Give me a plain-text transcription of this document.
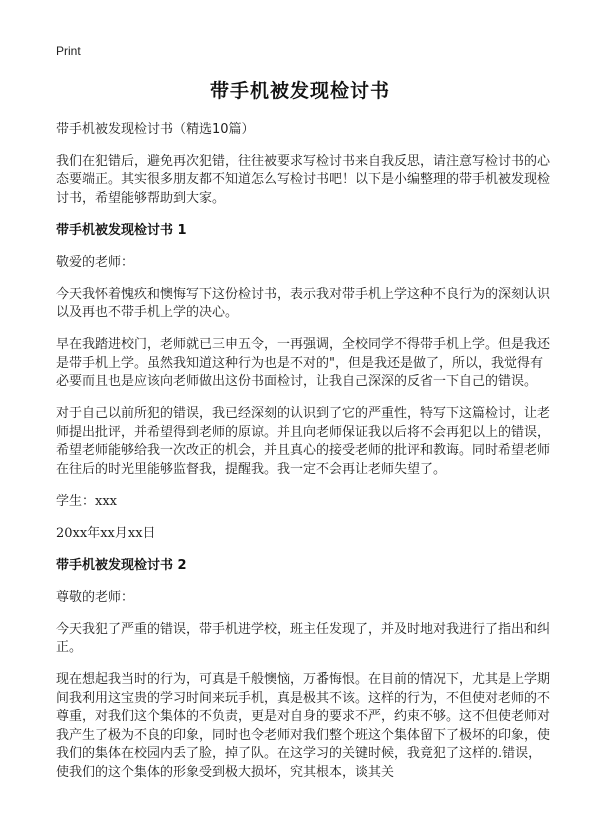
Print
带手机被发现检讨书

带手机被发现检讨书（精选10篇）

我们在犯错后，避免再次犯错，往往被要求写检讨书来自我反思，请注意写检讨书的心态要端正。其实很多朋友都不知道怎么写检讨书吧！以下是小编整理的带手机被发现检讨书，希望能够帮助到大家。

带手机被发现检讨书 1

敬爱的老师：

今天我怀着愧疚和懊悔写下这份检讨书，表示我对带手机上学这种不良行为的深刻认识以及再也不带手机上学的决心。

早在我踏进校门，老师就已三申五令，一再强调，全校同学不得带手机上学。但是我还是带手机上学。虽然我知道这种行为也是不对的"，但是我还是做了，所以，我觉得有必要而且也是应该向老师做出这份书面检讨，让我自己深深的反省一下自己的错误。

对于自己以前所犯的错误，我已经深刻的认识到了它的严重性，特写下这篇检讨，让老师提出批评，并希望得到老师的原谅。并且向老师保证我以后将不会再犯以上的错误，希望老师能够给我一次改正的机会，并且真心的接受老师的批评和教诲。同时希望老师在往后的时光里能够监督我，提醒我。我一定不会再让老师失望了。

学生：xxx

20xx年xx月xx日

带手机被发现检讨书 2

尊敬的老师：

今天我犯了严重的错误，带手机进学校，班主任发现了，并及时地对我进行了指出和纠正。

现在想起我当时的行为，可真是千般懊恼，万番悔恨。在目前的情况下，尤其是上学期间我利用这宝贵的学习时间来玩手机，真是极其不该。这样的行为，不但使对老师的不尊重，对我们这个集体的不负责，更是对自身的要求不严，约束不够。这不但使老师对我产生了极为不良的印象，同时也令老师对我们整个班这个集体留下了极坏的印象，使我们的集体在校园内丢了脸，掉了队。在这学习的关键时候，我竟犯了这样的.错误，使我们的这个集体的形象受到极大损坏，究其根本，谈其关
